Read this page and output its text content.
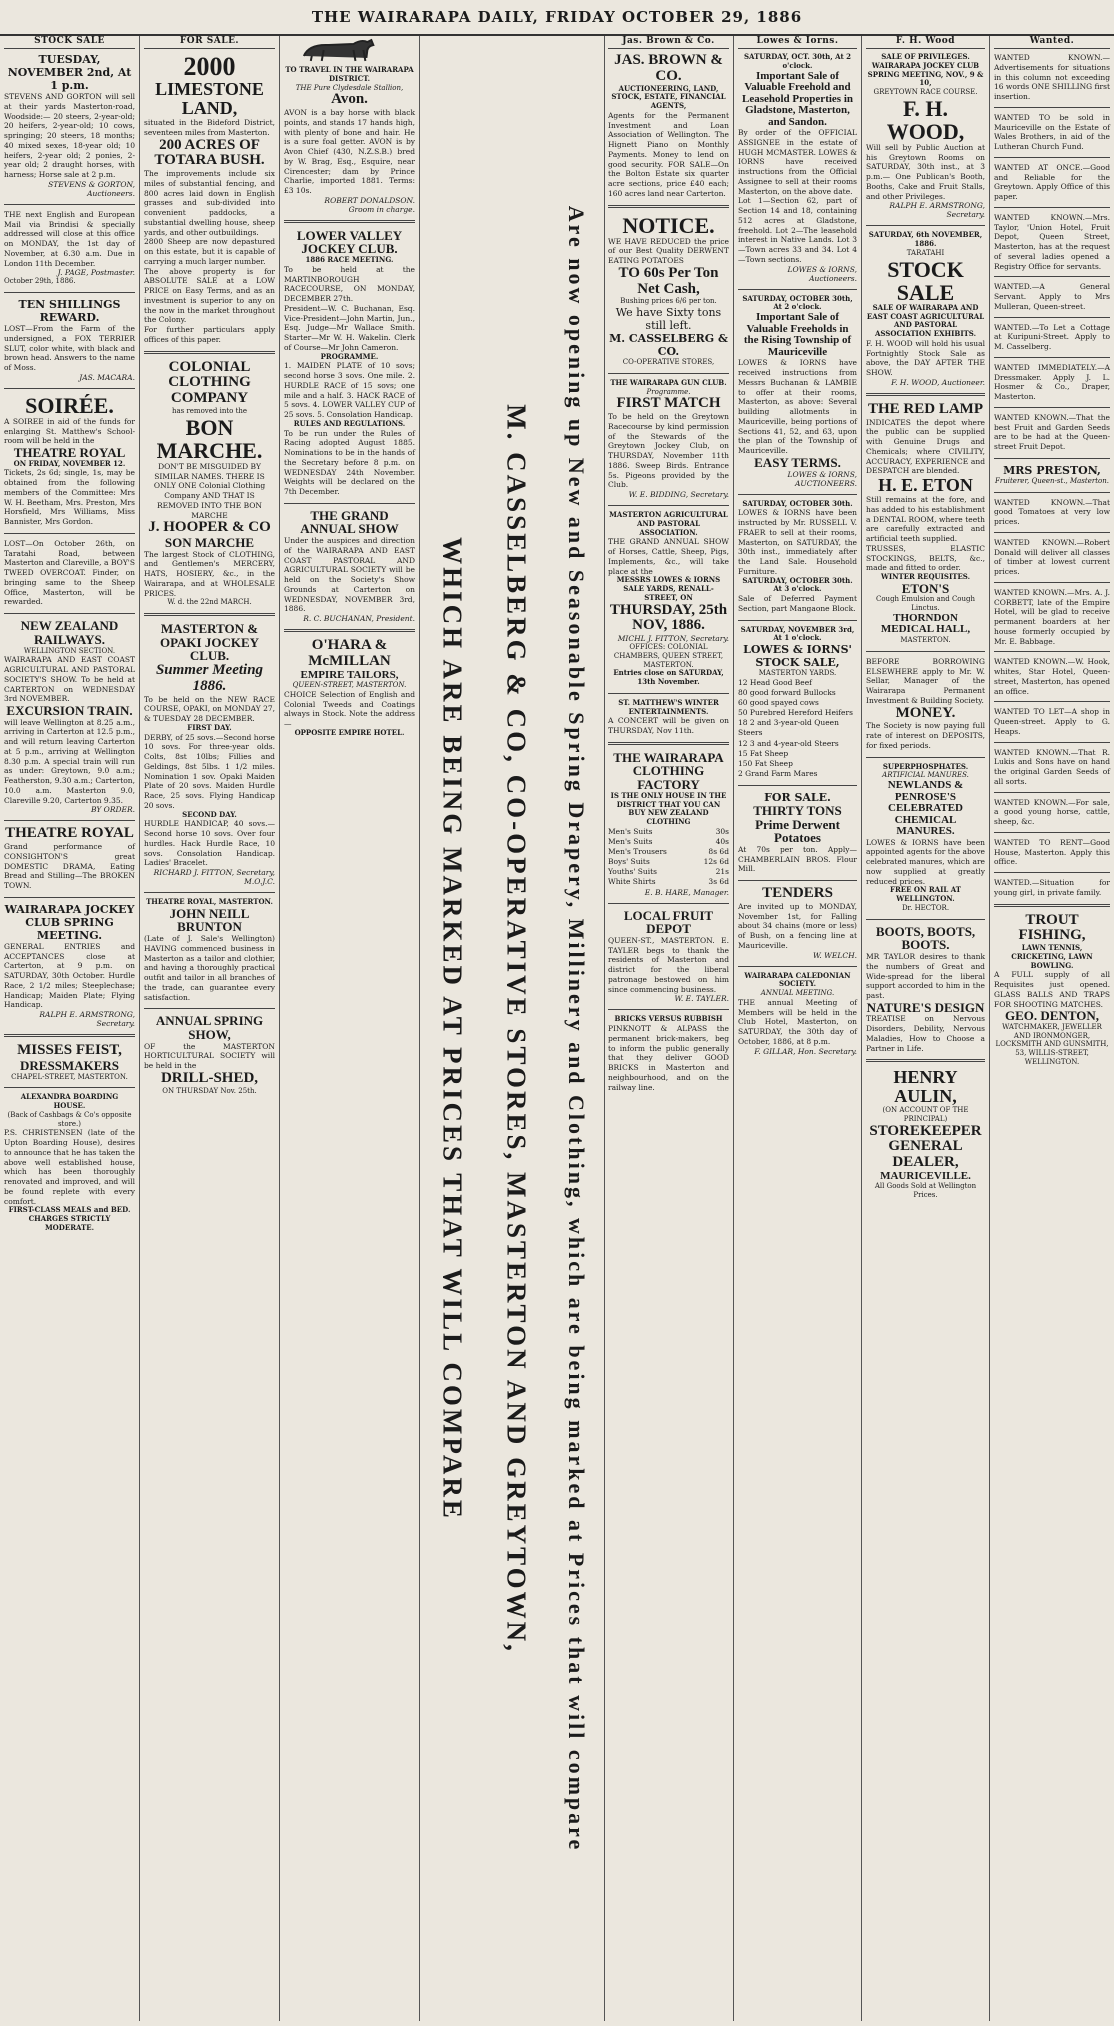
THE WAIRARAPA DAILY, FRIDAY OCTOBER 29, 1886
STOCK SALE
TUESDAY, NOVEMBER 2nd, At 1 p.m.
STEVENS AND GORTON will sell at their yards Masterton-road, Woodside:— 20 steers, 2-year-old; 20 heifers, 2-year-old; 10 cows, springing; 20 steers, 18 months; 40 mixed sexes, 18-year old; 10 heifers, 2-year old; 2 ponies, 2-year old; 2 draught horses, with harness; Horse sale at 2 p.m.
STEVENS & GORTON, Auctioneers.
THE next English and European Mail via Brindisi & specially addressed will close at this office on MONDAY, the 1st day of November, at 6.30 a.m. Due in London 11th December.
J. PAGE, Postmaster.
October 29th, 1886.
TEN SHILLINGS REWARD.
LOST—From the Farm of the undersigned, a FOX TERRIER SLUT, color white, with black and brown head. Answers to the name of Moss.
JAS. MACARA.
SOIRÉE.
A SOIREE in aid of the funds for enlarging St. Matthew's School-room will be held in the
THEATRE ROYAL
ON FRIDAY, NOVEMBER 12.
Tickets, 2s 6d; single, 1s, may be obtained from the following members of the Committee: Mrs W. H. Beetham, Mrs. Preston, Mrs Horsfield, Mrs Williams, Miss Bannister, Mrs Gordon.
LOST—On October 26th, on Taratahi Road, between Masterton and Clareville, a BOY'S TWEED OVERCOAT. Finder, on bringing same to the Sheep Office, Masterton, will be rewarded.
NEW ZEALAND RAILWAYS.
WELLINGTON SECTION.
WAIRARAPA AND EAST COAST AGRICULTURAL AND PASTORAL SOCIETY'S SHOW. To be held at CARTERTON on WEDNESDAY 3rd NOVEMBER.
EXCURSION TRAIN.
will leave Wellington at 8.25 a.m., arriving in Carterton at 12.5 p.m., and will return leaving Carterton at 5 p.m., arriving at Wellington 8.30 p.m. A special train will run as under: Greytown, 9.0 a.m.; Featherston, 9.30 a.m.; Carterton, 10.0 a.m. Masterton 9.0, Clareville 9.20, Carterton 9.35.
BY ORDER.
THEATRE ROYAL
Grand performance of CONSIGHTON'S great DOMESTIC DRAMA, Eating Bread and Stilling—The BROKEN TOWN.
WAIRARAPA JOCKEY CLUB SPRING MEETING.
GENERAL ENTRIES and ACCEPTANCES close at Carterton, at 9 p.m. on SATURDAY, 30th October. Hurdle Race, 2 1/2 miles; Steeplechase; Handicap; Maiden Plate; Flying Handicap.
RALPH E. ARMSTRONG, Secretary.
MISSES FEIST,
DRESSMAKERS
CHAPEL-STREET, MASTERTON.
ALEXANDRA BOARDING HOUSE.
(Back of Cashbags & Co's opposite store.)
P.S. CHRISTENSEN (late of the Upton Boarding House), desires to announce that he has taken the above well established house, which has been thoroughly renovated and improved, and will be found replete with every comfort.
FIRST-CLASS MEALS and BED.
CHARGES STRICTLY MODERATE.
FOR SALE.
2000
LIMESTONE LAND,
situated in the Bideford District, seventeen miles from Masterton.
200 ACRES OF TOTARA BUSH.
The improvements include six miles of substantial fencing, and 800 acres laid down in English grasses and sub-divided into convenient paddocks, a substantial dwelling house, sheep yards, and other outbuildings.
2800 Sheep are now depastured on this estate, but it is capable of carrying a much larger number.
The above property is for ABSOLUTE SALE at a LOW PRICE on Easy Terms, and as an investment is superior to any on the now in the market throughout the Colony.
For further particulars apply offices of this paper.
COLONIAL CLOTHING COMPANY
has removed into the
BON MARCHE.
DON'T BE MISGUIDED BY SIMILAR NAMES. THERE IS ONLY ONE Colonial Clothing Company AND THAT IS REMOVED INTO THE BON MARCHE
J. HOOPER & CO
SON MARCHE
The largest Stock of CLOTHING, and Gentlemen's MERCERY, HATS, HOSIERY, &c., in the Wairarapa, and at WHOLESALE PRICES.
W. d. the 22nd MARCH.
MASTERTON & OPAKI JOCKEY CLUB.
Summer Meeting 1886.
To be held on the NEW RACE COURSE, OPAKI, on MONDAY 27, & TUESDAY 28 DECEMBER.
FIRST DAY.
DERBY, of 25 sovs.—Second horse 10 sovs. For three-year olds. Colts, 8st 10lbs; Fillies and Geldings, 8st 5lbs. 1 1/2 miles. Nomination 1 sov. Opaki Maiden Plate of 20 sovs. Maiden Hurdle Race, 25 sovs. Flying Handicap 20 sovs.
SECOND DAY.
HURDLE HANDICAP, 40 sovs.—Second horse 10 sovs. Over four hurdles. Hack Hurdle Race, 10 sovs. Consolation Handicap. Ladies' Bracelet.
RICHARD J. FITTON, Secretary, M.O.J.C.
THEATRE ROYAL, MASTERTON.
JOHN NEILL BRUNTON
(Late of J. Sale's Wellington) HAVING commenced business in Masterton as a tailor and clothier, and having a thoroughly practical outfit and tailor in all branches of the trade, can guarantee every satisfaction.
ANNUAL SPRING SHOW,
OF the MASTERTON HORTICULTURAL SOCIETY will be held in the
DRILL-SHED,
ON THURSDAY Nov. 25th.
TO TRAVEL IN THE WAIRARAPA DISTRICT.
THE Pure Clydesdale Stallion,
Avon.
AVON is a bay horse with black points, and stands 17 hands high, with plenty of bone and hair. He is a sure foal getter. AVON is by Avon Chief (430, N.Z.S.B.) bred by W. Brag, Esq., Esquire, near Cirencester; dam by Prince Charlie, imported 1881. Terms: £3 10s.
ROBERT DONALDSON.
Groom in charge.
LOWER VALLEY JOCKEY CLUB.
1886 RACE MEETING.
To be held at the MARTINBOROUGH RACECOURSE, ON MONDAY, DECEMBER 27th.
President—W. C. Buchanan, Esq. Vice-President—John Martin, Jun., Esq. Judge—Mr Wallace Smith. Starter—Mr W. H. Wakelin. Clerk of Course—Mr John Cameron.
PROGRAMME.
1. MAIDEN PLATE of 10 sovs; second horse 3 sovs. One mile. 2. HURDLE RACE of 15 sovs; one mile and a half. 3. HACK RACE of 5 sovs. 4. LOWER VALLEY CUP of 25 sovs. 5. Consolation Handicap.
RULES AND REGULATIONS.
To be run under the Rules of Racing adopted August 1885. Nominations to be in the hands of the Secretary before 8 p.m. on WEDNESDAY 24th November. Weights will be declared on the 7th December.
THE GRAND ANNUAL SHOW
Under the auspices and direction of the WAIRARAPA AND EAST COAST PASTORAL AND AGRICULTURAL SOCIETY will be held on the Society's Show Grounds at Carterton on WEDNESDAY, NOVEMBER 3rd, 1886.
R. C. BUCHANAN, President.
O'HARA & McMILLAN
EMPIRE TAILORS,
QUEEN-STREET, MASTERTON.
CHOICE Selection of English and Colonial Tweeds and Coatings always in Stock. Note the address—
OPPOSITE EMPIRE HOTEL.	WHICH ARE BEING MARKED AT PRICES THAT WILL COMPARE M. CASSELBERG & CO, CO-OPERATIVE STORES, MASTERTON AND GREYTOWN, Are now opening up New and Seasonable Spring Drapery, Millinery and Clothing, which are being marked at Prices that will compare
Jas. Brown & Co.
JAS. BROWN & CO.
AUCTIONEERING, LAND, STOCK, ESTATE, FINANCIAL AGENTS,
Agents for the Permanent Investment and Loan Association of Wellington. The Hignett Piano on Monthly Payments. Money to lend on good security. FOR SALE—On the Bolton Estate six quarter acre sections, price £40 each; 160 acres land near Carterton.
NOTICE.
WE HAVE REDUCED the price of our Best Quality DERWENT EATING POTATOES
TO 60s Per Ton Net Cash,
Bushing prices 6/6 per ton.
We have Sixty tons still left.
M. CASSELBERG & CO.
CO-OPERATIVE STORES,
THE WAIRARAPA GUN CLUB.
Programme.
FIRST MATCH
To be held on the Greytown Racecourse by kind permission of the Stewards of the Greytown Jockey Club, on THURSDAY, November 11th 1886. Sweep Birds. Entrance 5s. Pigeons provided by the Club.
W. E. BIDDING, Secretary.
MASTERTON AGRICULTURAL AND PASTORAL ASSOCIATION.
THE GRAND ANNUAL SHOW of Horses, Cattle, Sheep, Pigs, Implements, &c., will take place at the
MESSRS LOWES & IORNS SALE YARDS, RENALL-STREET, ON
THURSDAY, 25th NOV, 1886.
MICHL J. FITTON, Secretary.
OFFICES: COLONIAL CHAMBERS, QUEEN STREET, MASTERTON.
Entries close on SATURDAY, 13th November.
ST. MATTHEW'S WINTER ENTERTAINMENTS.
A CONCERT will be given on THURSDAY, Nov 11th.
THE WAIRARAPA CLOTHING FACTORY
IS THE ONLY HOUSE IN THE DISTRICT THAT YOU CAN BUY NEW ZEALAND CLOTHING
Men's Suits	30s
Men's Suits	40s
Men's Trousers	8s 6d
Boys' Suits	12s 6d
Youths' Suits	21s
White Shirts	3s 6d
E. B. HARE, Manager.
LOCAL FRUIT DEPOT
QUEEN-ST., MASTERTON. E. TAYLER begs to thank the residents of Masterton and district for the liberal patronage bestowed on him since commencing business.
W. E. TAYLER.
BRICKS VERSUS RUBBISH
PINKNOTT & ALPASS the permanent brick-makers, beg to inform the public generally that they deliver GOOD BRICKS in Masterton and neighbourhood, and on the railway line.
Lowes & Iorns.
SATURDAY, OCT. 30th, At 2 o'clock.
Important Sale of Valuable Freehold and Leasehold Properties in Gladstone, Masterton, and Sandon.
By order of the OFFICIAL ASSIGNEE in the estate of HUGH MCMASTER. LOWES & IORNS have received instructions from the Official Assignee to sell at their rooms Masterton, on the above date.
Lot 1—Section 62, part of Section 14 and 18, containing 512 acres at Gladstone, freehold. Lot 2—The leasehold interest in Native Lands. Lot 3—Town acres 33 and 34. Lot 4—Town sections.
LOWES & IORNS, Auctioneers.
SATURDAY, OCTOBER 30th, At 2 o'clock.
Important Sale of Valuable Freeholds in the Rising Township of Mauriceville
LOWES & IORNS have received instructions from Messrs Buchanan & LAMBIE to offer at their rooms, Masterton, as above: Several building allotments in Mauriceville, being portions of Sections 41, 52, and 63, upon the plan of the Township of Mauriceville.
EASY TERMS.
LOWES & IORNS, AUCTIONEERS.
SATURDAY, OCTOBER 30th.
LOWES & IORNS have been instructed by Mr. RUSSELL V. FRAER to sell at their rooms, Masterton, on SATURDAY, the 30th inst., immediately after the Land Sale. Household Furniture.
SATURDAY, OCTOBER 30th. At 3 o'clock.
Sale of Deferred Payment Section, part Mangaone Block.
SATURDAY, NOVEMBER 3rd, At 1 o'clock.
LOWES & IORNS' STOCK SALE,
MASTERTON YARDS.
12 Head Good Beef
80 good forward Bullocks
60 good spayed cows
50 Purebred Hereford Heifers
18 2 and 3-year-old Queen Steers
12 3 and 4-year-old Steers
15 Fat Sheep
150 Fat Sheep
2 Grand Farm Mares
FOR SALE.
THIRTY TONS Prime Derwent Potatoes
At 70s per ton. Apply— CHAMBERLAIN BROS. Flour Mill.
TENDERS
Are invited up to MONDAY, November 1st, for Falling about 34 chains (more or less) of Bush, on a fencing line at Mauriceville.
W. WELCH.
WAIRARAPA CALEDONIAN SOCIETY.
ANNUAL MEETING.
THE annual Meeting of Members will be held in the Club Hotel, Masterton, on SATURDAY, the 30th day of October, 1886, at 8 p.m.
F. GILLAR, Hon. Secretary.
F. H. Wood
SALE OF PRIVILEGES.
WAIRARAPA JOCKEY CLUB SPRING MEETING, NOV., 9 & 10,
GREYTOWN RACE COURSE.
F. H. WOOD,
Will sell by Public Auction at his Greytown Rooms on SATURDAY, 30th inst., at 3 p.m.— One Publican's Booth, Booths, Cake and Fruit Stalls, and other Privileges.
RALPH E. ARMSTRONG, Secretary.
SATURDAY, 6th NOVEMBER, 1886.
TARATAHI
STOCK SALE
SALE OF WAIRARAPA AND EAST COAST AGRICULTURAL AND PASTORAL ASSOCIATION EXHIBITS.
F. H. WOOD will hold his usual Fortnightly Stock Sale as above, the DAY AFTER THE SHOW.
F. H. WOOD, Auctioneer.
THE RED LAMP
INDICATES the depot where the public can be supplied with Genuine Drugs and Chemicals; where CIVILITY, ACCURACY, EXPERIENCE and DESPATCH are blended.
H. E. ETON
Still remains at the fore, and has added to his establishment a DENTAL ROOM, where teeth are carefully extracted and artificial teeth supplied.
TRUSSES, ELASTIC STOCKINGS, BELTS, &c., made and fitted to order.
WINTER REQUISITES.
ETON'S
Cough Emulsion and Cough Linctus.
THORNDON MEDICAL HALL,
MASTERTON.
BEFORE BORROWING ELSEWHERE apply to Mr. W. Sellar, Manager of the Wairarapa Permanent Investment & Building Society.
MONEY.
The Society is now paying full rate of interest on DEPOSITS, for fixed periods.
SUPERPHOSPHATES.
ARTIFICIAL MANURES.
NEWLANDS & PENROSE'S CELEBRATED CHEMICAL MANURES.
LOWES & IORNS have been appointed agents for the above celebrated manures, which are now supplied at greatly reduced prices.
FREE ON RAIL AT WELLINGTON.
Dr. HECTOR.
BOOTS, BOOTS, BOOTS.
MR TAYLOR desires to thank the numbers of Great and Wide-spread for the liberal support accorded to him in the past.
NATURE'S DESIGN
TREATISE on Nervous Disorders, Debility, Nervous Maladies, How to Choose a Partner in Life.
HENRY AULIN,
(ON ACCOUNT OF THE PRINCIPAL)
STOREKEEPER
GENERAL DEALER,
MAURICEVILLE.
All Goods Sold at Wellington Prices.
Wanted.
WANTED KNOWN.—Advertisements for situations in this column not exceeding 16 words ONE SHILLING first insertion.
WANTED TO be sold in Mauriceville on the Estate of Wales Brothers, in aid of the Lutheran Church Fund.
WANTED AT ONCE.—Good and Reliable for the Greytown. Apply Office of this paper.
WANTED KNOWN.—Mrs. Taylor, 'Union Hotel, Fruit Depot, Queen Street, Masterton, has at the request of several ladies opened a Registry Office for servants.
WANTED.—A General Servant. Apply to Mrs Mulleran, Queen-street.
WANTED.—To Let a Cottage at Kuripuni-Street. Apply to M. Casselberg.
WANTED IMMEDIATELY.—A Dressmaker. Apply J. L. Hosmer & Co., Draper, Masterton.
WANTED KNOWN.—That the best Fruit and Garden Seeds are to be had at the Queen-street Fruit Depot.
MRS PRESTON,
Fruiterer, Queen-st., Masterton.
WANTED KNOWN.—That good Tomatoes at very low prices.
WANTED KNOWN.—Robert Donald will deliver all classes of timber at lowest current prices.
WANTED KNOWN.—Mrs. A. J. CORBETT, late of the Empire Hotel, will be glad to receive permanent boarders at her house formerly occupied by Mr. E. Babbage.
WANTED KNOWN.—W. Hook, whites, Star Hotel, Queen-street, Masterton, has opened an office.
WANTED TO LET—A shop in Queen-street. Apply to G. Heaps.
WANTED KNOWN.—That R. Lukis and Sons have on hand the original Garden Seeds of all sorts.
WANTED KNOWN.—For sale, a good young horse, cattle, sheep, &c.
WANTED TO RENT—Good House, Masterton. Apply this office.
WANTED.—Situation for young girl, in private family.
TROUT FISHING,
LAWN TENNIS, CRICKETING, LAWN BOWLING.
A FULL supply of all Requisites just opened. GLASS BALLS AND TRAPS FOR SHOOTING MATCHES.
GEO. DENTON,
WATCHMAKER, JEWELLER AND IRONMONGER,
LOCKSMITH AND GUNSMITH, 53, WILLIS-STREET, WELLINGTON.
